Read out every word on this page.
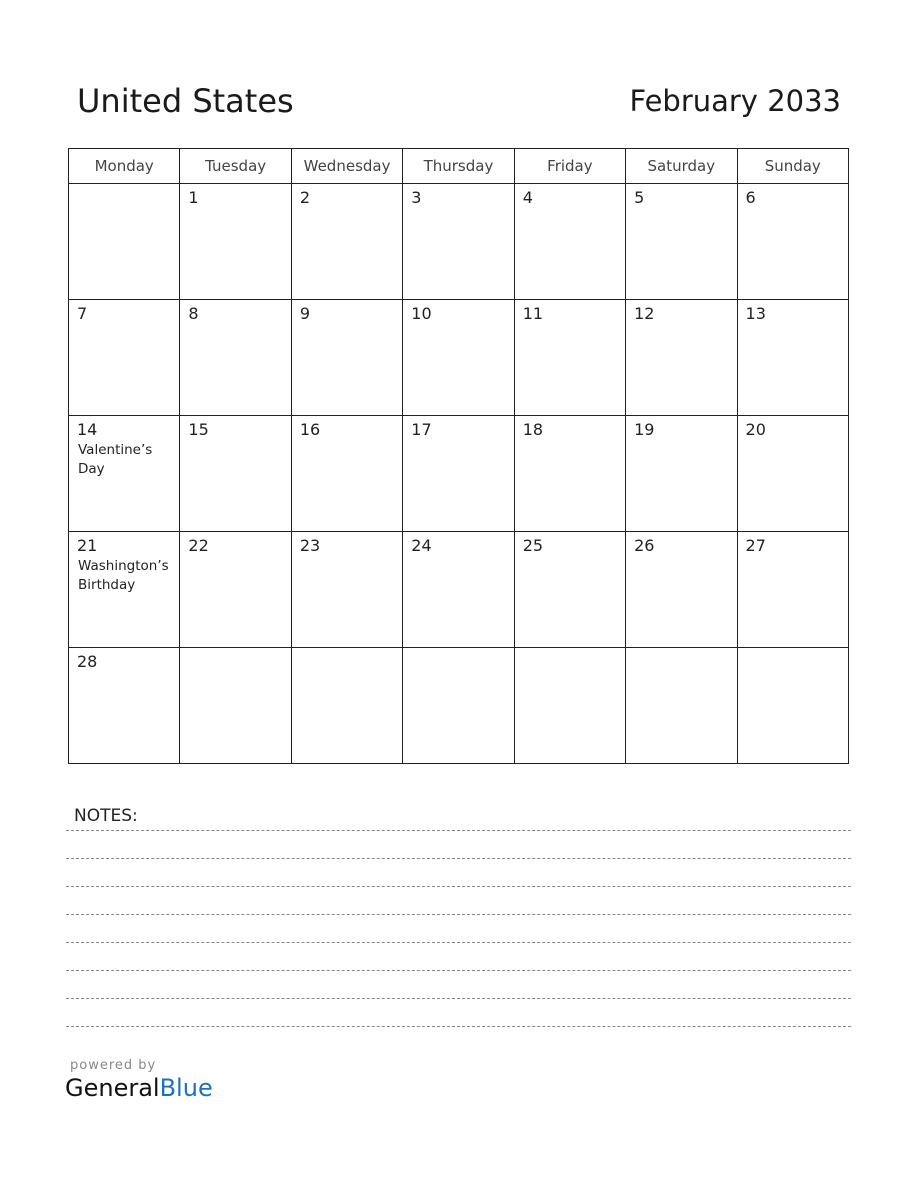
United States	February 2033
Monday	Tuesday	Wednesday	Thursday	Friday	Saturday	Sunday

	1	2	3	4	5	6

7	8	9	10	11	12	13

14
Valentine’s Day	15	16	17	18	19	20

21
Washington’s Birthday	22	23	24	25	26	27

28						

NOTES:
powered by
GeneralBlue
